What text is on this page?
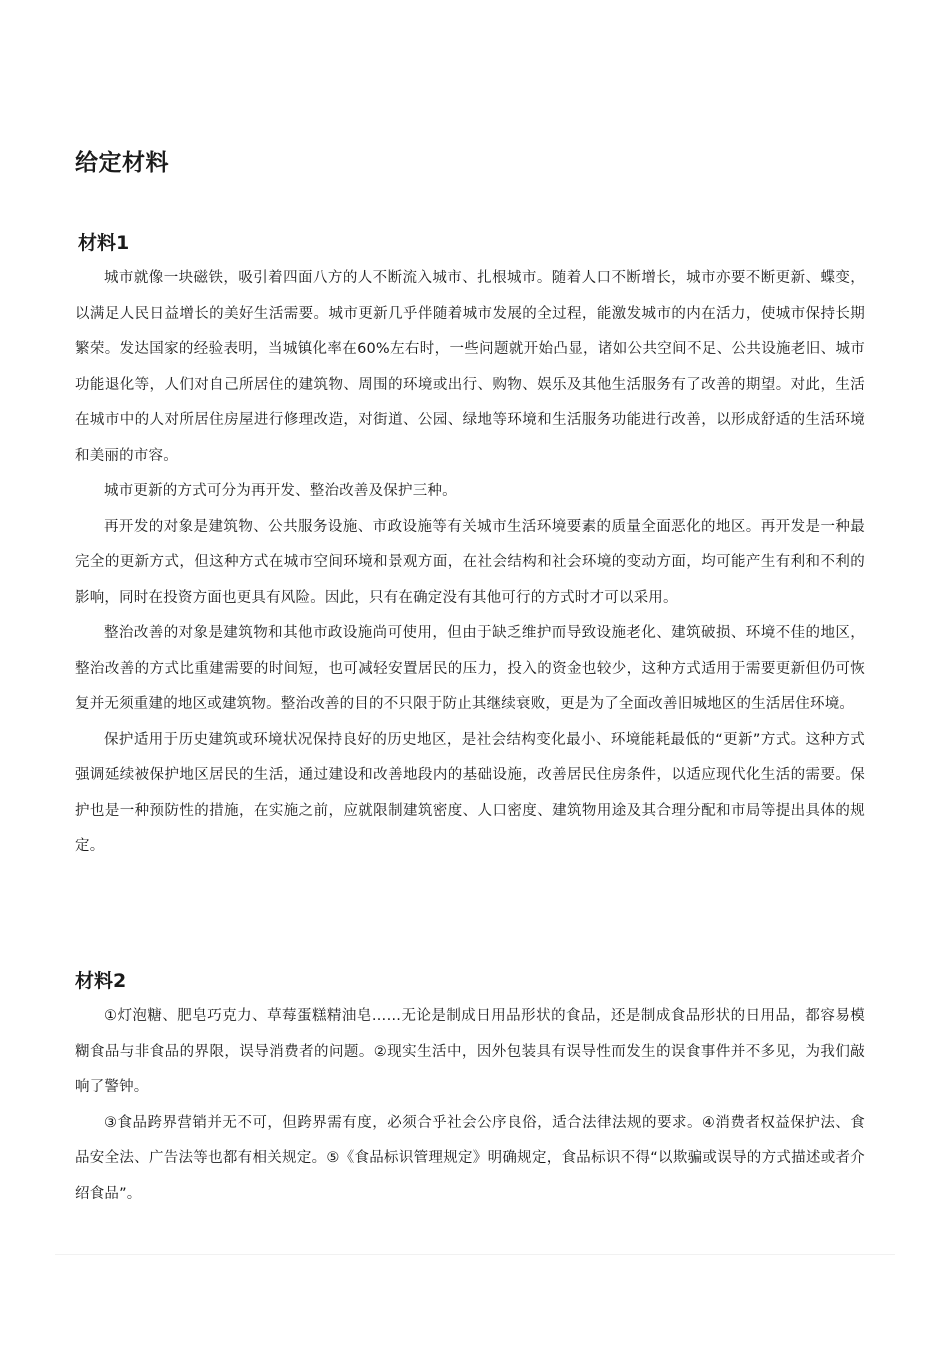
给定材料
材料1

城市就像一块磁铁，吸引着四面八方的人不断流入城市、扎根城市。随着人口不断增长，城市亦要不断更新、蝶变，以满足人民日益增长的美好生活需要。城市更新几乎伴随着城市发展的全过程，能激发城市的内在活力，使城市保持长期繁荣。发达国家的经验表明，当城镇化率在60%左右时，一些问题就开始凸显，诸如公共空间不足、公共设施老旧、城市功能退化等，人们对自己所居住的建筑物、周围的环境或出行、购物、娱乐及其他生活服务有了改善的期望。对此，生活在城市中的人对所居住房屋进行修理改造，对街道、公园、绿地等环境和生活服务功能进行改善，以形成舒适的生活环境和美丽的市容。

城市更新的方式可分为再开发、整治改善及保护三种。

再开发的对象是建筑物、公共服务设施、市政设施等有关城市生活环境要素的质量全面恶化的地区。再开发是一种最完全的更新方式，但这种方式在城市空间环境和景观方面，在社会结构和社会环境的变动方面，均可能产生有利和不利的影响，同时在投资方面也更具有风险。因此，只有在确定没有其他可行的方式时才可以采用。

整治改善的对象是建筑物和其他市政设施尚可使用，但由于缺乏维护而导致设施老化、建筑破损、环境不佳的地区，整治改善的方式比重建需要的时间短，也可减轻安置居民的压力，投入的资金也较少，这种方式适用于需要更新但仍可恢复并无须重建的地区或建筑物。整治改善的目的不只限于防止其继续衰败，更是为了全面改善旧城地区的生活居住环境。

保护适用于历史建筑或环境状况保持良好的历史地区，是社会结构变化最小、环境能耗最低的“更新”方式。这种方式强调延续被保护地区居民的生活，通过建设和改善地段内的基础设施，改善居民住房条件，以适应现代化生活的需要。保护也是一种预防性的措施，在实施之前，应就限制建筑密度、人口密度、建筑物用途及其合理分配和市局等提出具体的规定。

材料2

①灯泡糖、肥皂巧克力、草莓蛋糕精油皂……无论是制成日用品形状的食品，还是制成食品形状的日用品，都容易模糊食品与非食品的界限，误导消费者的问题。②现实生活中，因外包装具有误导性而发生的误食事件并不多见，为我们敲响了警钟。

③食品跨界营销并无不可，但跨界需有度，必须合乎社会公序良俗，适合法律法规的要求。④消费者权益保护法、食品安全法、广告法等也都有相关规定。⑤《食品标识管理规定》明确规定，食品标识不得“以欺骗或误导的方式描述或者介绍食品”。
